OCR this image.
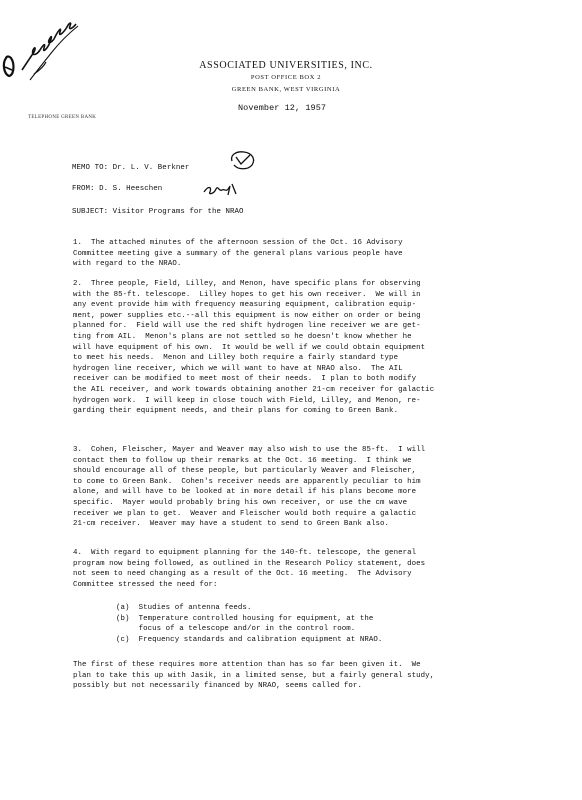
ASSOCIATED UNIVERSITIES, INC.
POST OFFICE BOX 2
GREEN BANK, WEST VIRGINIA
TELEPHONE GREEN BANK
November 12, 1957
MEMO TO: Dr. L. V. Berkner
FROM: D. S. Heeschen
SUBJECT: Visitor Programs for the NRAO
1.  The attached minutes of the afternoon session of the Oct. 16 Advisory
Committee meeting give a summary of the general plans various people have
with regard to the NRAO.
2.  Three people, Field, Lilley, and Menon, have specific plans for observing
with the 85-ft. telescope.  Lilley hopes to get his own receiver.  We will in
any event provide him with frequency measuring equipment, calibration equip-
ment, power supplies etc.--all this equipment is now either on order or being
planned for.  Field will use the red shift hydrogen line receiver we are get-
ting from AIL.  Menon's plans are not settled so he doesn't know whether he
will have equipment of his own.  It would be well if we could obtain equipment
to meet his needs.  Menon and Lilley both require a fairly standard type
hydrogen line receiver, which we will want to have at NRAO also.  The AIL
receiver can be modified to meet most of their needs.  I plan to both modify
the AIL receiver, and work towards obtaining another 21-cm receiver for galactic
hydrogen work.  I will keep in close touch with Field, Lilley, and Menon, re-
garding their equipment needs, and their plans for coming to Green Bank.
3.  Cohen, Fleischer, Mayer and Weaver may also wish to use the 85-ft.  I will
contact them to follow up their remarks at the Oct. 16 meeting.  I think we
should encourage all of these people, but particularly Weaver and Fleischer,
to come to Green Bank.  Cohen's receiver needs are apparently peculiar to him
alone, and will have to be looked at in more detail if his plans become more
specific.  Mayer would probably bring his own receiver, or use the cm wave
receiver we plan to get.  Weaver and Fleischer would both require a galactic
21-cm receiver.  Weaver may have a student to send to Green Bank also.
4.  With regard to equipment planning for the 140-ft. telescope, the general
program now being followed, as outlined in the Research Policy statement, does
not seem to need changing as a result of the Oct. 16 meeting.  The Advisory
Committee stressed the need for:
(a)  Studies of antenna feeds.
(b)  Temperature controlled housing for equipment, at the
focus of a telescope and/or in the control room.
(c)  Frequency standards and calibration equipment at NRAO.
The first of these requires more attention than has so far been given it.  We
plan to take this up with Jasik, in a limited sense, but a fairly general study,
possibly but not necessarily financed by NRAO, seems called for.
